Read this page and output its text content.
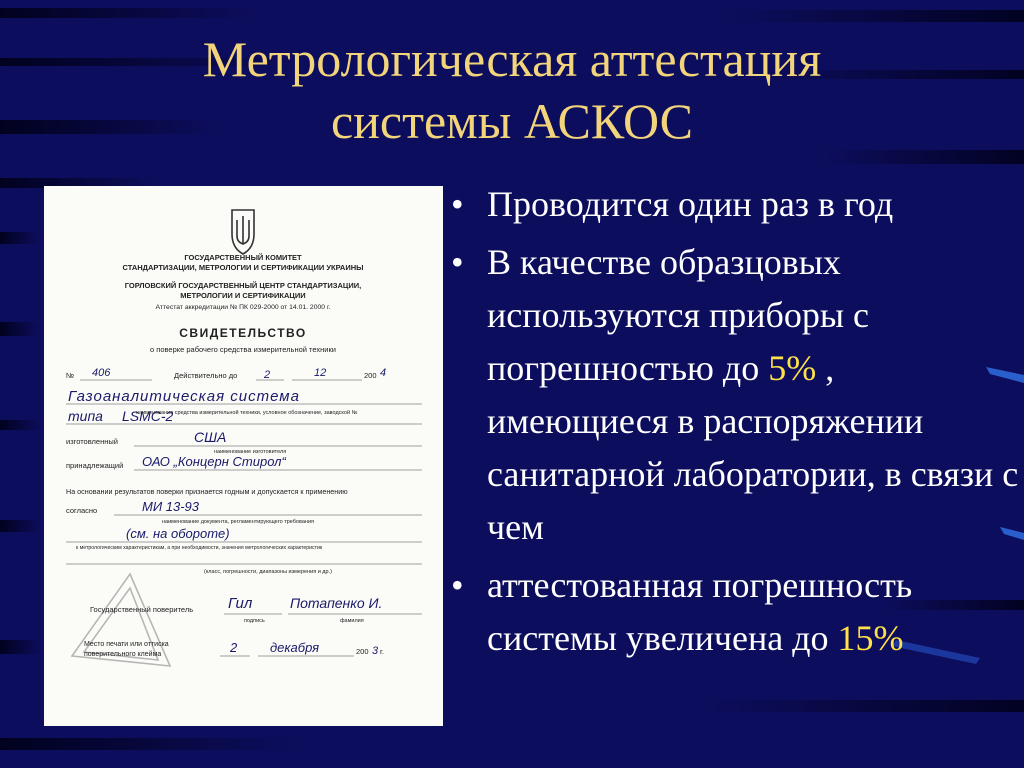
Метрологическая аттестация
системы АСКОС
ГОСУДАРСТВЕННЫЙ КОМИТЕТ
СТАНДАРТИЗАЦИИ, МЕТРОЛОГИИ И СЕРТИФИКАЦИИ УКРАИНЫ
ГОРЛОВСКИЙ ГОСУДАРСТВЕННЫЙ ЦЕНТР СТАНДАРТИЗАЦИИ,
МЕТРОЛОГИИ И СЕРТИФИКАЦИИ
Аттестат аккредитации № ПК 029-2000 от 14.01. 2000 г.
СВИДЕТЕЛЬСТВО
о поверке рабочего средства измерительной техники
№ 406	Действительно до 2	12	200 4
Газоаналитическая система
типа LSMC-2
наименование средства измерительной техники, условное обозначение, заводской №
изготовленный	США
наименование изготовителя
принадлежащий ОАО „Концерн Стирол“
На основании результатов поверки признается годным и допускается к применению
согласно	МИ 13-93
наименование документа, регламентирующего требования
(см. на обороте)
к метрологическим характеристикам, а при необходимости, значения метрологических характеристик
(класс, погрешности, диапазоны измерения и др.)
Государственный поверитель Гил	Потапенко И.
подпись	фамилия
Место печати или оттиска
поверительного клейма	2	декабря	200 3 г.
• Проводится один раз в год
• В качестве образцовых используются приборы с погрешностью до 5% , имеющиеся в распоряжении санитарной лаборатории, в связи с чем
• аттестованная погрешность системы увеличена до 15%
